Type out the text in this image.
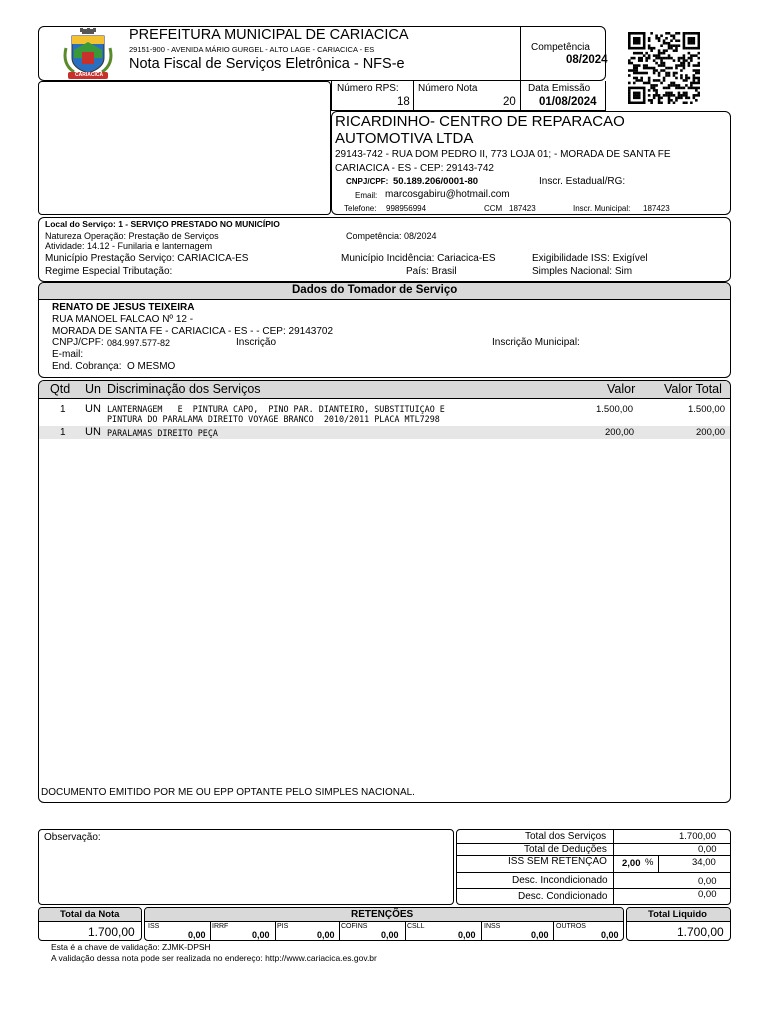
CARIACICA
PREFEITURA MUNICIPAL DE CARIACICA
29151-900 - AVENIDA MÁRIO GURGEL - ALTO LAGE - CARIACICA - ES
Nota Fiscal de Serviços Eletrônica - NFS-e
Competência
08/2024
Número RPS:
18
Número Nota
20
Data Emissão
01/08/2024
RICARDINHO- CENTRO DE REPARACAO
AUTOMOTIVA LTDA
29143-742 - RUA DOM PEDRO II, 773 LOJA 01; - MORADA DE SANTA FE
CARIACICA - ES - CEP: 29143-742
CNPJ/CPF: 50.189.206/0001-80	Inscr. Estadual/RG:
Email: marcosgabiru@hotmail.com
Telefone: 998956994	CCM 187423	Inscr. Municipal: 187423
Local do Serviço: 1 - SERVIÇO PRESTADO NO MUNICÍPIO
Natureza Operação: Prestação de Serviços	Competência: 08/2024
Atividade: 14.12 - Funilaria e lanternagem
Município Prestação Serviço: CARIACICA-ES	Município Incidência: Cariacica-ES	Exigibilidade ISS: Exigível
Regime Especial Tributação:	País: Brasil	Simples Nacional: Sim
Dados do Tomador de Serviço
RENATO DE JESUS TEIXEIRA
RUA MANOEL FALCAO Nº 12 -
MORADA DE SANTA FE - CARIACICA - ES - - CEP: 29143702
CNPJ/CPF: 084.997.577-82	Inscrição	Inscrição Municipal:
E-mail:
End. Cobrança: O MESMO
Qtd Un Discriminação dos Serviços	Valor Valor Total
1 UN LANTERNAGEM   E  PINTURA CAPO,  PINO PAR. DIANTEIRO, SUBSTITUIÇAO E
PINTURA DO PARALAMA DIREITO VOYAGE BRANCO  2010/2011 PLACA MTL7298
1.500,00	1.500,00
1 UN PARALAMAS DIREITO PEÇA	200,00	200,00
DOCUMENTO EMITIDO POR ME OU EPP OPTANTE PELO SIMPLES NACIONAL.
Observação:	Total dos Serviços	1.700,00
Total de Deduções	0,00
ISS SEM RETENÇAO 2,00 %	34,00
Desc. Incondicionado	0,00
Desc. Condicionado	0,00
Total da Nota
1.700,00
RETENÇÕES
ISS
0,00
IRRF
0,00
PIS
0,00
COFINS
0,00
CSLL
0,00
INSS
0,00
OUTROS
0,00
Total Liquido
1.700,00
Esta é a chave de validação: ZJMK-DPSH
A validação dessa nota pode ser realizada no endereço: http://www.cariacica.es.gov.br
